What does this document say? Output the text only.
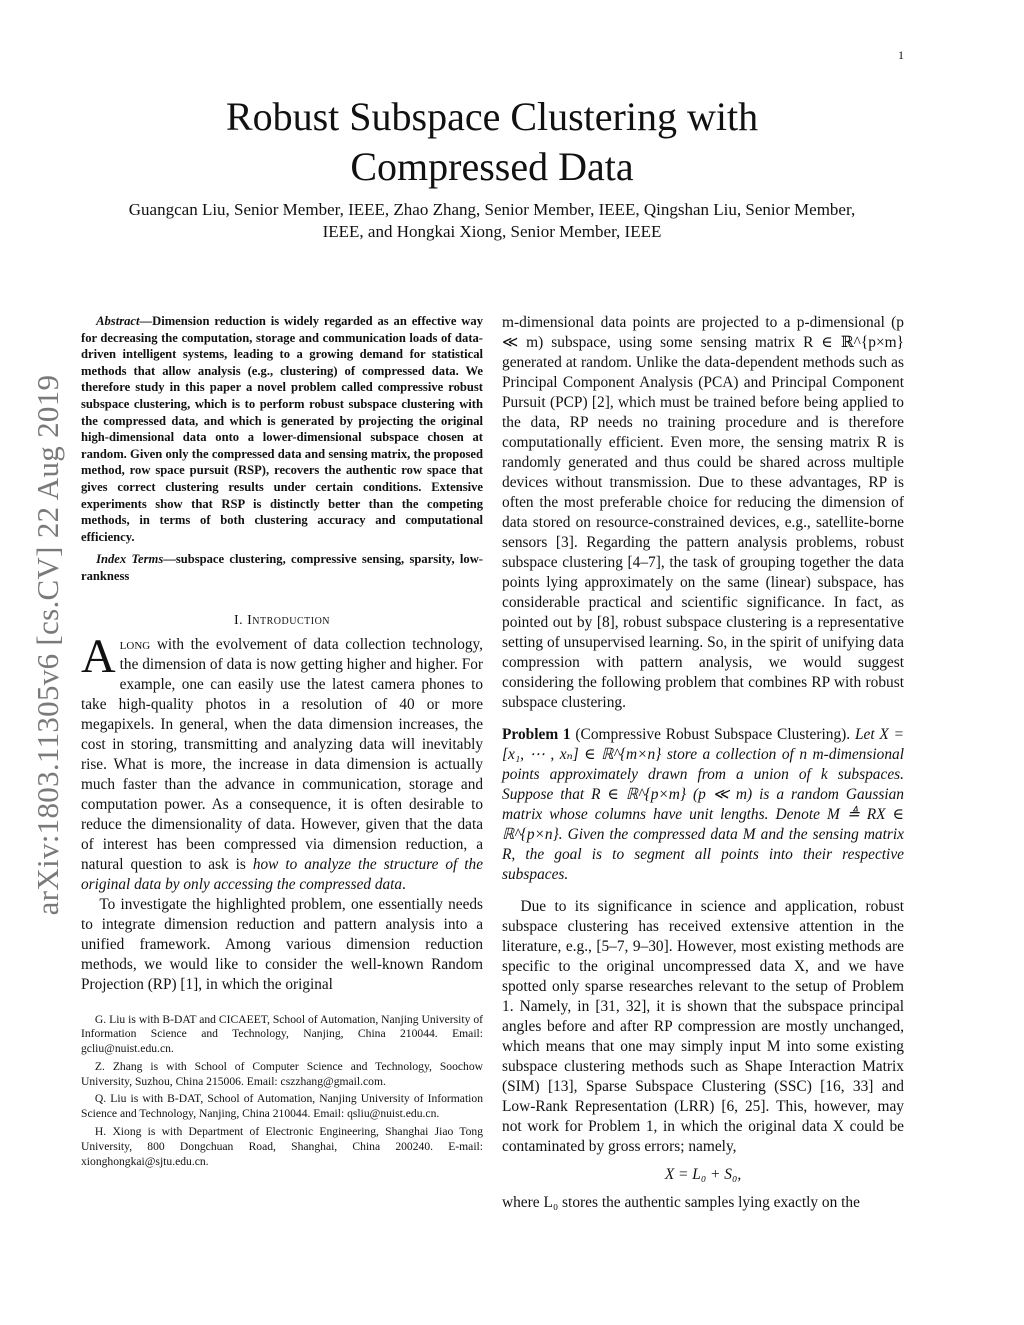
1
arXiv:1803.11305v6 [cs.CV] 22 Aug 2019
Robust Subspace Clustering with
Compressed Data
Guangcan Liu, Senior Member, IEEE, Zhao Zhang, Senior Member, IEEE, Qingshan Liu, Senior Member, IEEE, and Hongkai Xiong, Senior Member, IEEE

Abstract—Dimension reduction is widely regarded as an effective way for decreasing the computation, storage and communication loads of data-driven intelligent systems, leading to a growing demand for statistical methods that allow analysis (e.g., clustering) of compressed data. We therefore study in this paper a novel problem called compressive robust subspace clustering, which is to perform robust subspace clustering with the compressed data, and which is generated by projecting the original high-dimensional data onto a lower-dimensional subspace chosen at random. Given only the compressed data and sensing matrix, the proposed method, row space pursuit (RSP), recovers the authentic row space that gives correct clustering results under certain conditions. Extensive experiments show that RSP is distinctly better than the competing methods, in terms of both clustering accuracy and computational efficiency.

Index Terms—subspace clustering, compressive sensing, sparsity, low-rankness

I. Introduction

Along with the evolvement of data collection technology, the dimension of data is now getting higher and higher. For example, one can easily use the latest camera phones to take high-quality photos in a resolution of 40 or more megapixels. In general, when the data dimension increases, the cost in storing, transmitting and analyzing data will inevitably rise. What is more, the increase in data dimension is actually much faster than the advance in communication, storage and computation power. As a consequence, it is often desirable to reduce the dimensionality of data. However, given that the data of interest has been compressed via dimension reduction, a natural question to ask is how to analyze the structure of the original data by only accessing the compressed data.

To investigate the highlighted problem, one essentially needs to integrate dimension reduction and pattern analysis into a unified framework. Among various dimension reduction methods, we would like to consider the well-known Random Projection (RP) [1], in which the original

G. Liu is with B-DAT and CICAEET, School of Automation, Nanjing University of Information Science and Technology, Nanjing, China 210044. Email: gcliu@nuist.edu.cn.

Z. Zhang is with School of Computer Science and Technology, Soochow University, Suzhou, China 215006. Email: cszzhang@gmail.com.

Q. Liu is with B-DAT, School of Automation, Nanjing University of Information Science and Technology, Nanjing, China 210044. Email: qsliu@nuist.edu.cn.

H. Xiong is with Department of Electronic Engineering, Shanghai Jiao Tong University, 800 Dongchuan Road, Shanghai, China 200240. E-mail: xionghongkai@sjtu.edu.cn.

m-dimensional data points are projected to a p-dimensional (p ≪ m) subspace, using some sensing matrix R ∈ ℝ^{p×m} generated at random. Unlike the data-dependent methods such as Principal Component Analysis (PCA) and Principal Component Pursuit (PCP) [2], which must be trained before being applied to the data, RP needs no training procedure and is therefore computationally efficient. Even more, the sensing matrix R is randomly generated and thus could be shared across multiple devices without transmission. Due to these advantages, RP is often the most preferable choice for reducing the dimension of data stored on resource-constrained devices, e.g., satellite-borne sensors [3]. Regarding the pattern analysis problems, robust subspace clustering [4–7], the task of grouping together the data points lying approximately on the same (linear) subspace, has considerable practical and scientific significance. In fact, as pointed out by [8], robust subspace clustering is a representative setting of unsupervised learning. So, in the spirit of unifying data compression with pattern analysis, we would suggest considering the following problem that combines RP with robust subspace clustering.

Problem 1 (Compressive Robust Subspace Clustering). Let X = [x₁, ⋯ , xₙ] ∈ ℝ^{m×n} store a collection of n m-dimensional points approximately drawn from a union of k subspaces. Suppose that R ∈ ℝ^{p×m} (p ≪ m) is a random Gaussian matrix whose columns have unit lengths. Denote M ≜ RX ∈ ℝ^{p×n}. Given the compressed data M and the sensing matrix R, the goal is to segment all points into their respective subspaces.

Due to its significance in science and application, robust subspace clustering has received extensive attention in the literature, e.g., [5–7, 9–30]. However, most existing methods are specific to the original uncompressed data X, and we have spotted only sparse researches relevant to the setup of Problem 1. Namely, in [31, 32], it is shown that the subspace principal angles before and after RP compression are mostly unchanged, which means that one may simply input M into some existing subspace clustering methods such as Shape Interaction Matrix (SIM) [13], Sparse Subspace Clustering (SSC) [16, 33] and Low-Rank Representation (LRR) [6, 25]. This, however, may not work for Problem 1, in which the original data X could be contaminated by gross errors; namely,

X = L₀ + S₀,

where L₀ stores the authentic samples lying exactly on the
